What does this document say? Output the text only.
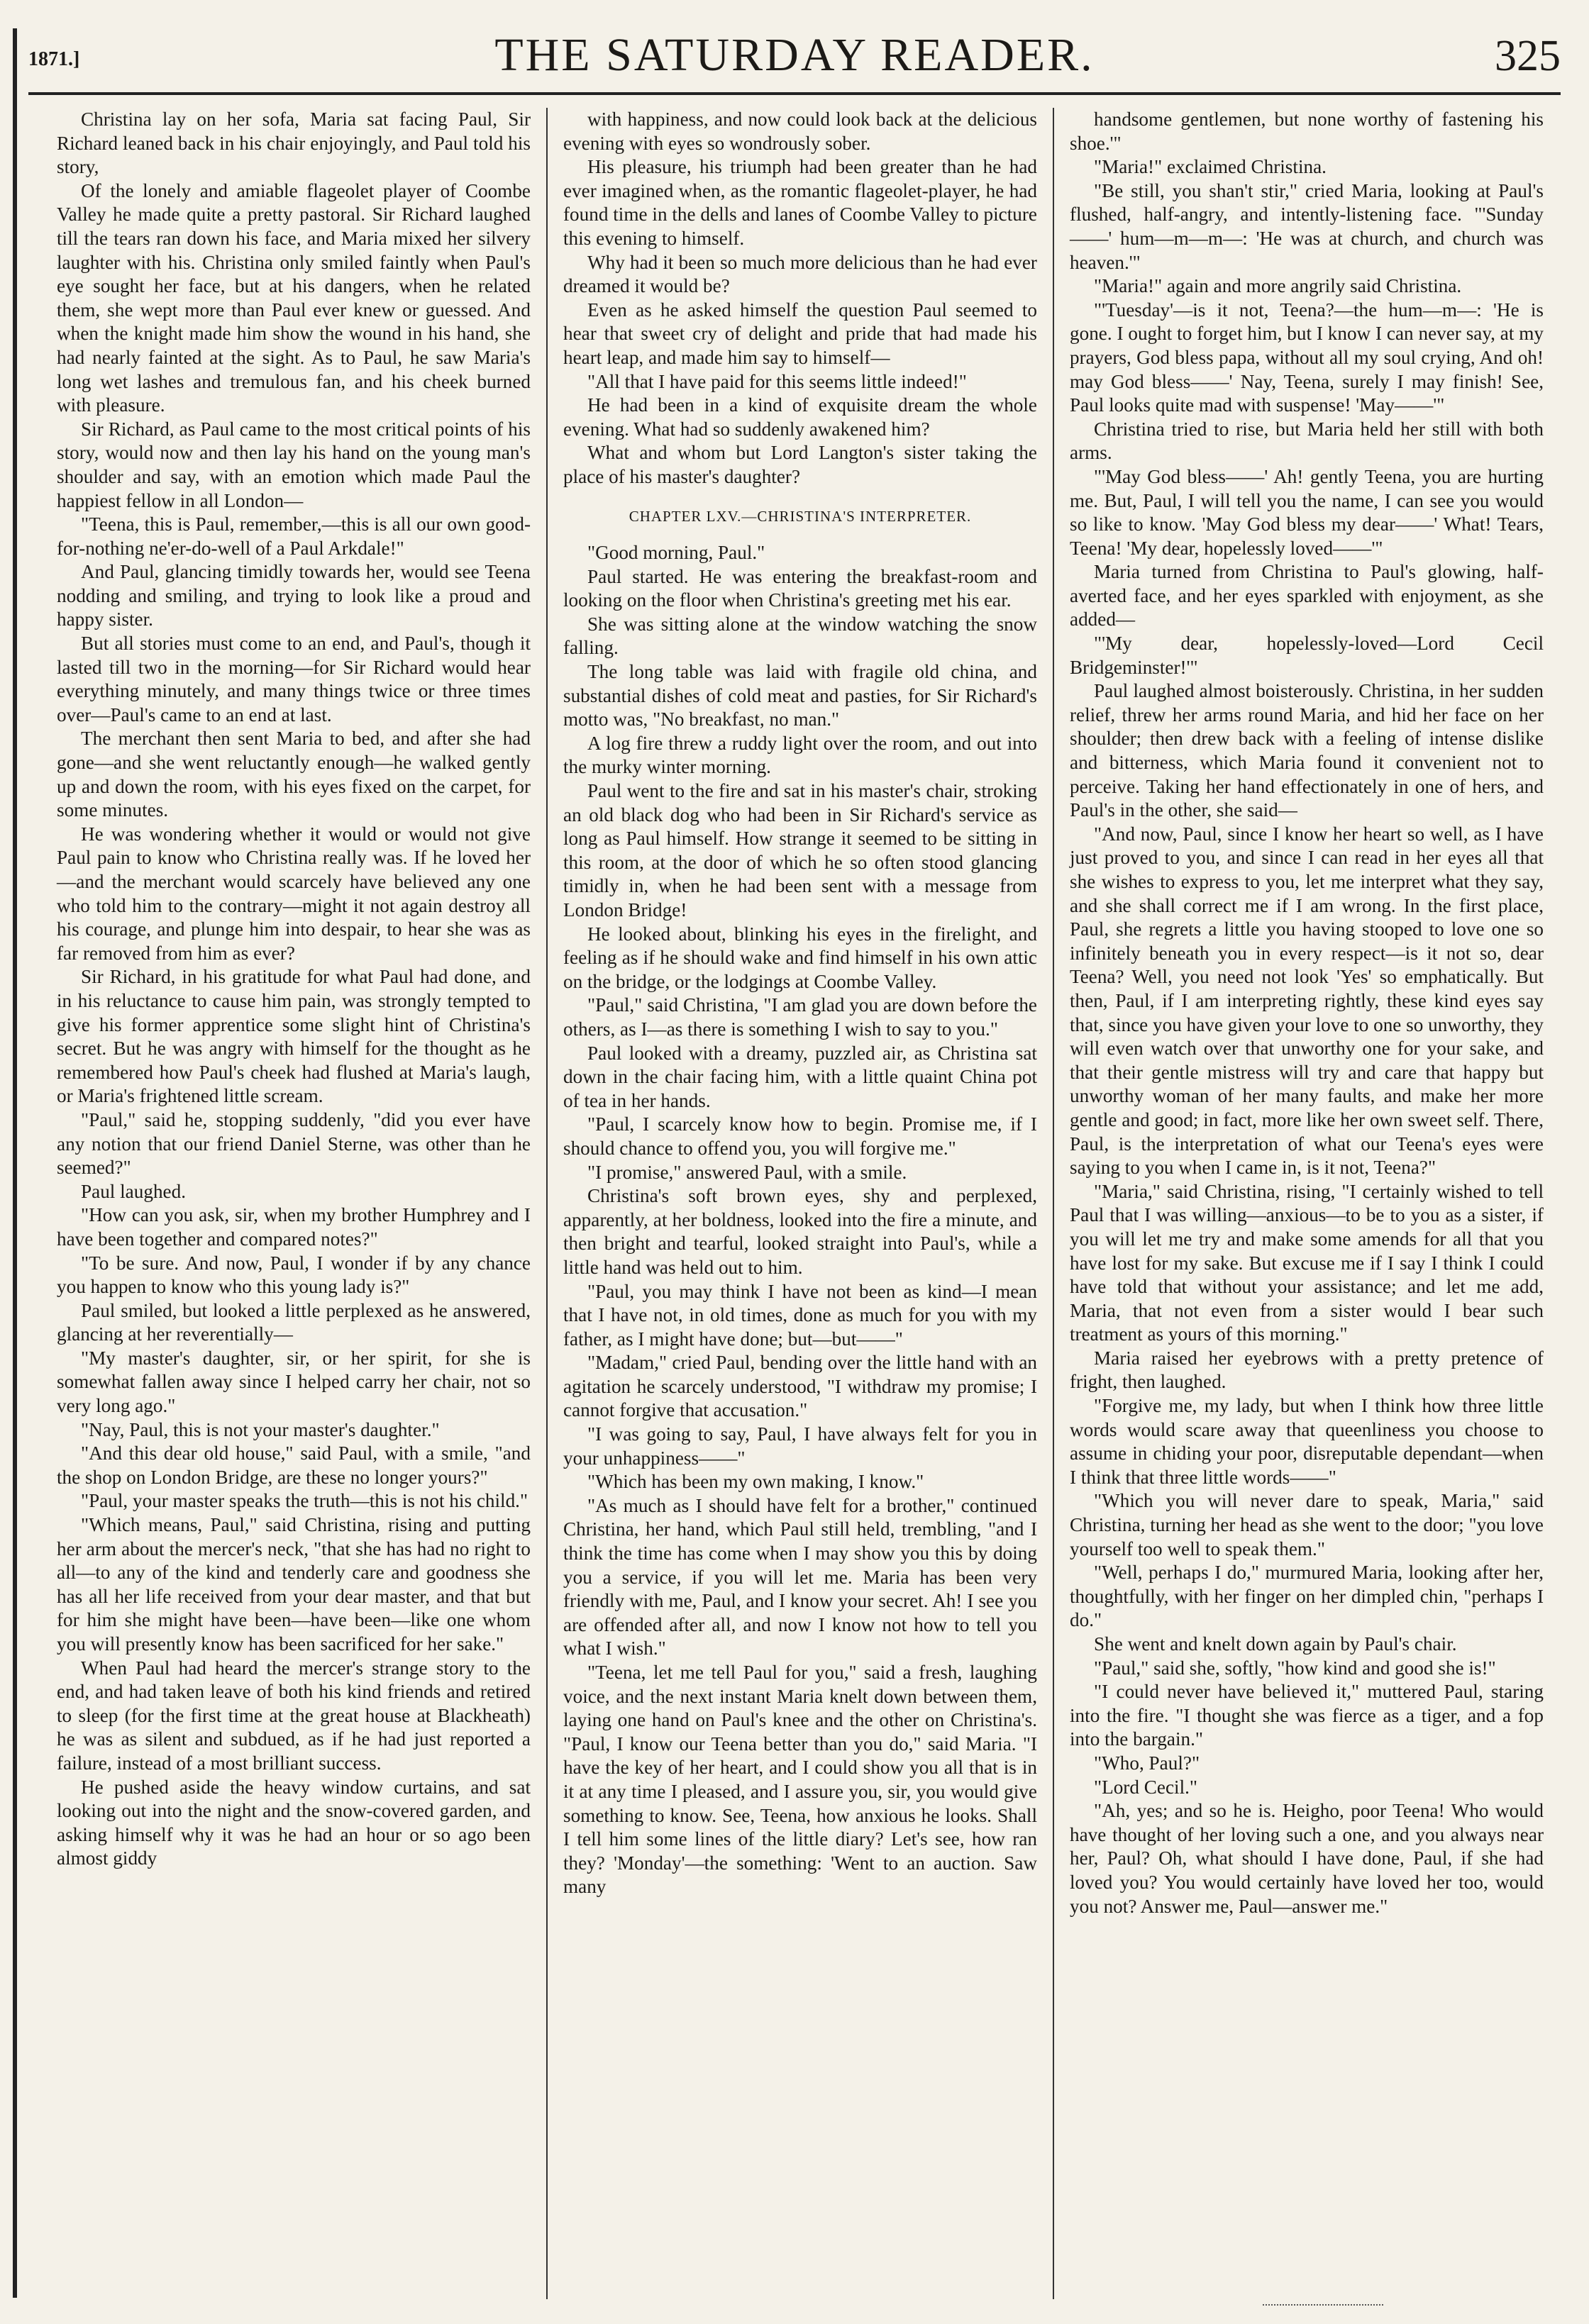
1871.]	THE SATURDAY READER.	325

Christina lay on her sofa, Maria sat facing Paul, Sir Richard leaned back in his chair enjoyingly, and Paul told his story,

Of the lonely and amiable flageolet player of Coombe Valley he made quite a pretty pastoral. Sir Richard laughed till the tears ran down his face, and Maria mixed her silvery laughter with his. Christina only smiled faintly when Paul's eye sought her face, but at his dangers, when he related them, she wept more than Paul ever knew or guessed. And when the knight made him show the wound in his hand, she had nearly fainted at the sight. As to Paul, he saw Maria's long wet lashes and tremulous fan, and his cheek burned with pleasure.

Sir Richard, as Paul came to the most critical points of his story, would now and then lay his hand on the young man's shoulder and say, with an emotion which made Paul the happiest fellow in all London—

"Teena, this is Paul, remember,—this is all our own good-for-nothing ne'er-do-well of a Paul Arkdale!"

And Paul, glancing timidly towards her, would see Teena nodding and smiling, and trying to look like a proud and happy sister.

But all stories must come to an end, and Paul's, though it lasted till two in the morning—for Sir Richard would hear everything minutely, and many things twice or three times over—Paul's came to an end at last.

The merchant then sent Maria to bed, and after she had gone—and she went reluctantly enough—he walked gently up and down the room, with his eyes fixed on the carpet, for some minutes.

He was wondering whether it would or would not give Paul pain to know who Christina really was. If he loved her—and the merchant would scarcely have believed any one who told him to the contrary—might it not again destroy all his courage, and plunge him into despair, to hear she was as far removed from him as ever?

Sir Richard, in his gratitude for what Paul had done, and in his reluctance to cause him pain, was strongly tempted to give his former apprentice some slight hint of Christina's secret. But he was angry with himself for the thought as he remembered how Paul's cheek had flushed at Maria's laugh, or Maria's frightened little scream.

"Paul," said he, stopping suddenly, "did you ever have any notion that our friend Daniel Sterne, was other than he seemed?"

Paul laughed.

"How can you ask, sir, when my brother Humphrey and I have been together and compared notes?"

"To be sure. And now, Paul, I wonder if by any chance you happen to know who this young lady is?"

Paul smiled, but looked a little perplexed as he answered, glancing at her reverentially—

"My master's daughter, sir, or her spirit, for she is somewhat fallen away since I helped carry her chair, not so very long ago."

"Nay, Paul, this is not your master's daughter."

"And this dear old house," said Paul, with a smile, "and the shop on London Bridge, are these no longer yours?"

"Paul, your master speaks the truth—this is not his child."

"Which means, Paul," said Christina, rising and putting her arm about the mercer's neck, "that she has had no right to all—to any of the kind and tenderly care and goodness she has all her life received from your dear master, and that but for him she might have been—have been—like one whom you will presently know has been sacrificed for her sake."

When Paul had heard the mercer's strange story to the end, and had taken leave of both his kind friends and retired to sleep (for the first time at the great house at Blackheath) he was as silent and subdued, as if he had just reported a failure, instead of a most brilliant success.

He pushed aside the heavy window curtains, and sat looking out into the night and the snow-covered garden, and asking himself why it was he had an hour or so ago been almost giddy

with happiness, and now could look back at the delicious evening with eyes so wondrously sober.

His pleasure, his triumph had been greater than he had ever imagined when, as the romantic flageolet-player, he had found time in the dells and lanes of Coombe Valley to picture this evening to himself.

Why had it been so much more delicious than he had ever dreamed it would be?

Even as he asked himself the question Paul seemed to hear that sweet cry of delight and pride that had made his heart leap, and made him say to himself—

"All that I have paid for this seems little indeed!"

He had been in a kind of exquisite dream the whole evening. What had so suddenly awakened him?

What and whom but Lord Langton's sister taking the place of his master's daughter?

CHAPTER LXV.—CHRISTINA'S INTERPRETER.

"Good morning, Paul."

Paul started. He was entering the breakfast-room and looking on the floor when Christina's greeting met his ear.

She was sitting alone at the window watching the snow falling.

The long table was laid with fragile old china, and substantial dishes of cold meat and pasties, for Sir Richard's motto was, "No breakfast, no man."

A log fire threw a ruddy light over the room, and out into the murky winter morning.

Paul went to the fire and sat in his master's chair, stroking an old black dog who had been in Sir Richard's service as long as Paul himself. How strange it seemed to be sitting in this room, at the door of which he so often stood glancing timidly in, when he had been sent with a message from London Bridge!

He looked about, blinking his eyes in the firelight, and feeling as if he should wake and find himself in his own attic on the bridge, or the lodgings at Coombe Valley.

"Paul," said Christina, "I am glad you are down before the others, as I—as there is something I wish to say to you."

Paul looked with a dreamy, puzzled air, as Christina sat down in the chair facing him, with a little quaint China pot of tea in her hands.

"Paul, I scarcely know how to begin. Promise me, if I should chance to offend you, you will forgive me."

"I promise," answered Paul, with a smile.

Christina's soft brown eyes, shy and perplexed, apparently, at her boldness, looked into the fire a minute, and then bright and tearful, looked straight into Paul's, while a little hand was held out to him.

"Paul, you may think I have not been as kind—I mean that I have not, in old times, done as much for you with my father, as I might have done; but—but——"

"Madam," cried Paul, bending over the little hand with an agitation he scarcely understood, "I withdraw my promise; I cannot forgive that accusation."

"I was going to say, Paul, I have always felt for you in your unhappiness——"

"Which has been my own making, I know."

"As much as I should have felt for a brother," continued Christina, her hand, which Paul still held, trembling, "and I think the time has come when I may show you this by doing you a service, if you will let me. Maria has been very friendly with me, Paul, and I know your secret. Ah! I see you are offended after all, and now I know not how to tell you what I wish."

"Teena, let me tell Paul for you," said a fresh, laughing voice, and the next instant Maria knelt down between them, laying one hand on Paul's knee and the other on Christina's. "Paul, I know our Teena better than you do," said Maria. "I have the key of her heart, and I could show you all that is in it at any time I pleased, and I assure you, sir, you would give something to know. See, Teena, how anxious he looks. Shall I tell him some lines of the little diary? Let's see, how ran they? 'Monday'—the something: 'Went to an auction. Saw many

handsome gentlemen, but none worthy of fastening his shoe.'"

"Maria!" exclaimed Christina.

"Be still, you shan't stir," cried Maria, looking at Paul's flushed, half-angry, and intently-listening face. "'Sunday——' hum—m—m—: 'He was at church, and church was heaven.'"

"Maria!" again and more angrily said Christina.

"'Tuesday'—is it not, Teena?—the hum—m—: 'He is gone. I ought to forget him, but I know I can never say, at my prayers, God bless papa, without all my soul crying, And oh! may God bless——' Nay, Teena, surely I may finish! See, Paul looks quite mad with suspense! 'May——'"

Christina tried to rise, but Maria held her still with both arms.

"'May God bless——' Ah! gently Teena, you are hurting me. But, Paul, I will tell you the name, I can see you would so like to know. 'May God bless my dear——' What! Tears, Teena! 'My dear, hopelessly loved——'"

Maria turned from Christina to Paul's glowing, half-averted face, and her eyes sparkled with enjoyment, as she added—

"'My dear, hopelessly-loved—Lord Cecil Bridgeminster!'"

Paul laughed almost boisterously. Christina, in her sudden relief, threw her arms round Maria, and hid her face on her shoulder; then drew back with a feeling of intense dislike and bitterness, which Maria found it convenient not to perceive. Taking her hand effectionately in one of hers, and Paul's in the other, she said—

"And now, Paul, since I know her heart so well, as I have just proved to you, and since I can read in her eyes all that she wishes to express to you, let me interpret what they say, and she shall correct me if I am wrong. In the first place, Paul, she regrets a little you having stooped to love one so infinitely beneath you in every respect—is it not so, dear Teena? Well, you need not look 'Yes' so emphatically. But then, Paul, if I am interpreting rightly, these kind eyes say that, since you have given your love to one so unworthy, they will even watch over that unworthy one for your sake, and that their gentle mistress will try and care that happy but unworthy woman of her many faults, and make her more gentle and good; in fact, more like her own sweet self. There, Paul, is the interpretation of what our Teena's eyes were saying to you when I came in, is it not, Teena?"

"Maria," said Christina, rising, "I certainly wished to tell Paul that I was willing—anxious—to be to you as a sister, if you will let me try and make some amends for all that you have lost for my sake. But excuse me if I say I think I could have told that without your assistance; and let me add, Maria, that not even from a sister would I bear such treatment as yours of this morning."

Maria raised her eyebrows with a pretty pretence of fright, then laughed.

"Forgive me, my lady, but when I think how three little words would scare away that queenliness you choose to assume in chiding your poor, disreputable dependant—when I think that three little words——"

"Which you will never dare to speak, Maria," said Christina, turning her head as she went to the door; "you love yourself too well to speak them."

"Well, perhaps I do," murmured Maria, looking after her, thoughtfully, with her finger on her dimpled chin, "perhaps I do."

She went and knelt down again by Paul's chair.

"Paul," said she, softly, "how kind and good she is!"

"I could never have believed it," muttered Paul, staring into the fire. "I thought she was fierce as a tiger, and a fop into the bargain."

"Who, Paul?"

"Lord Cecil."

"Ah, yes; and so he is. Heigho, poor Teena! Who would have thought of her loving such a one, and you always near her, Paul? Oh, what should I have done, Paul, if she had loved you? You would certainly have loved her too, would you not? Answer me, Paul—answer me."
